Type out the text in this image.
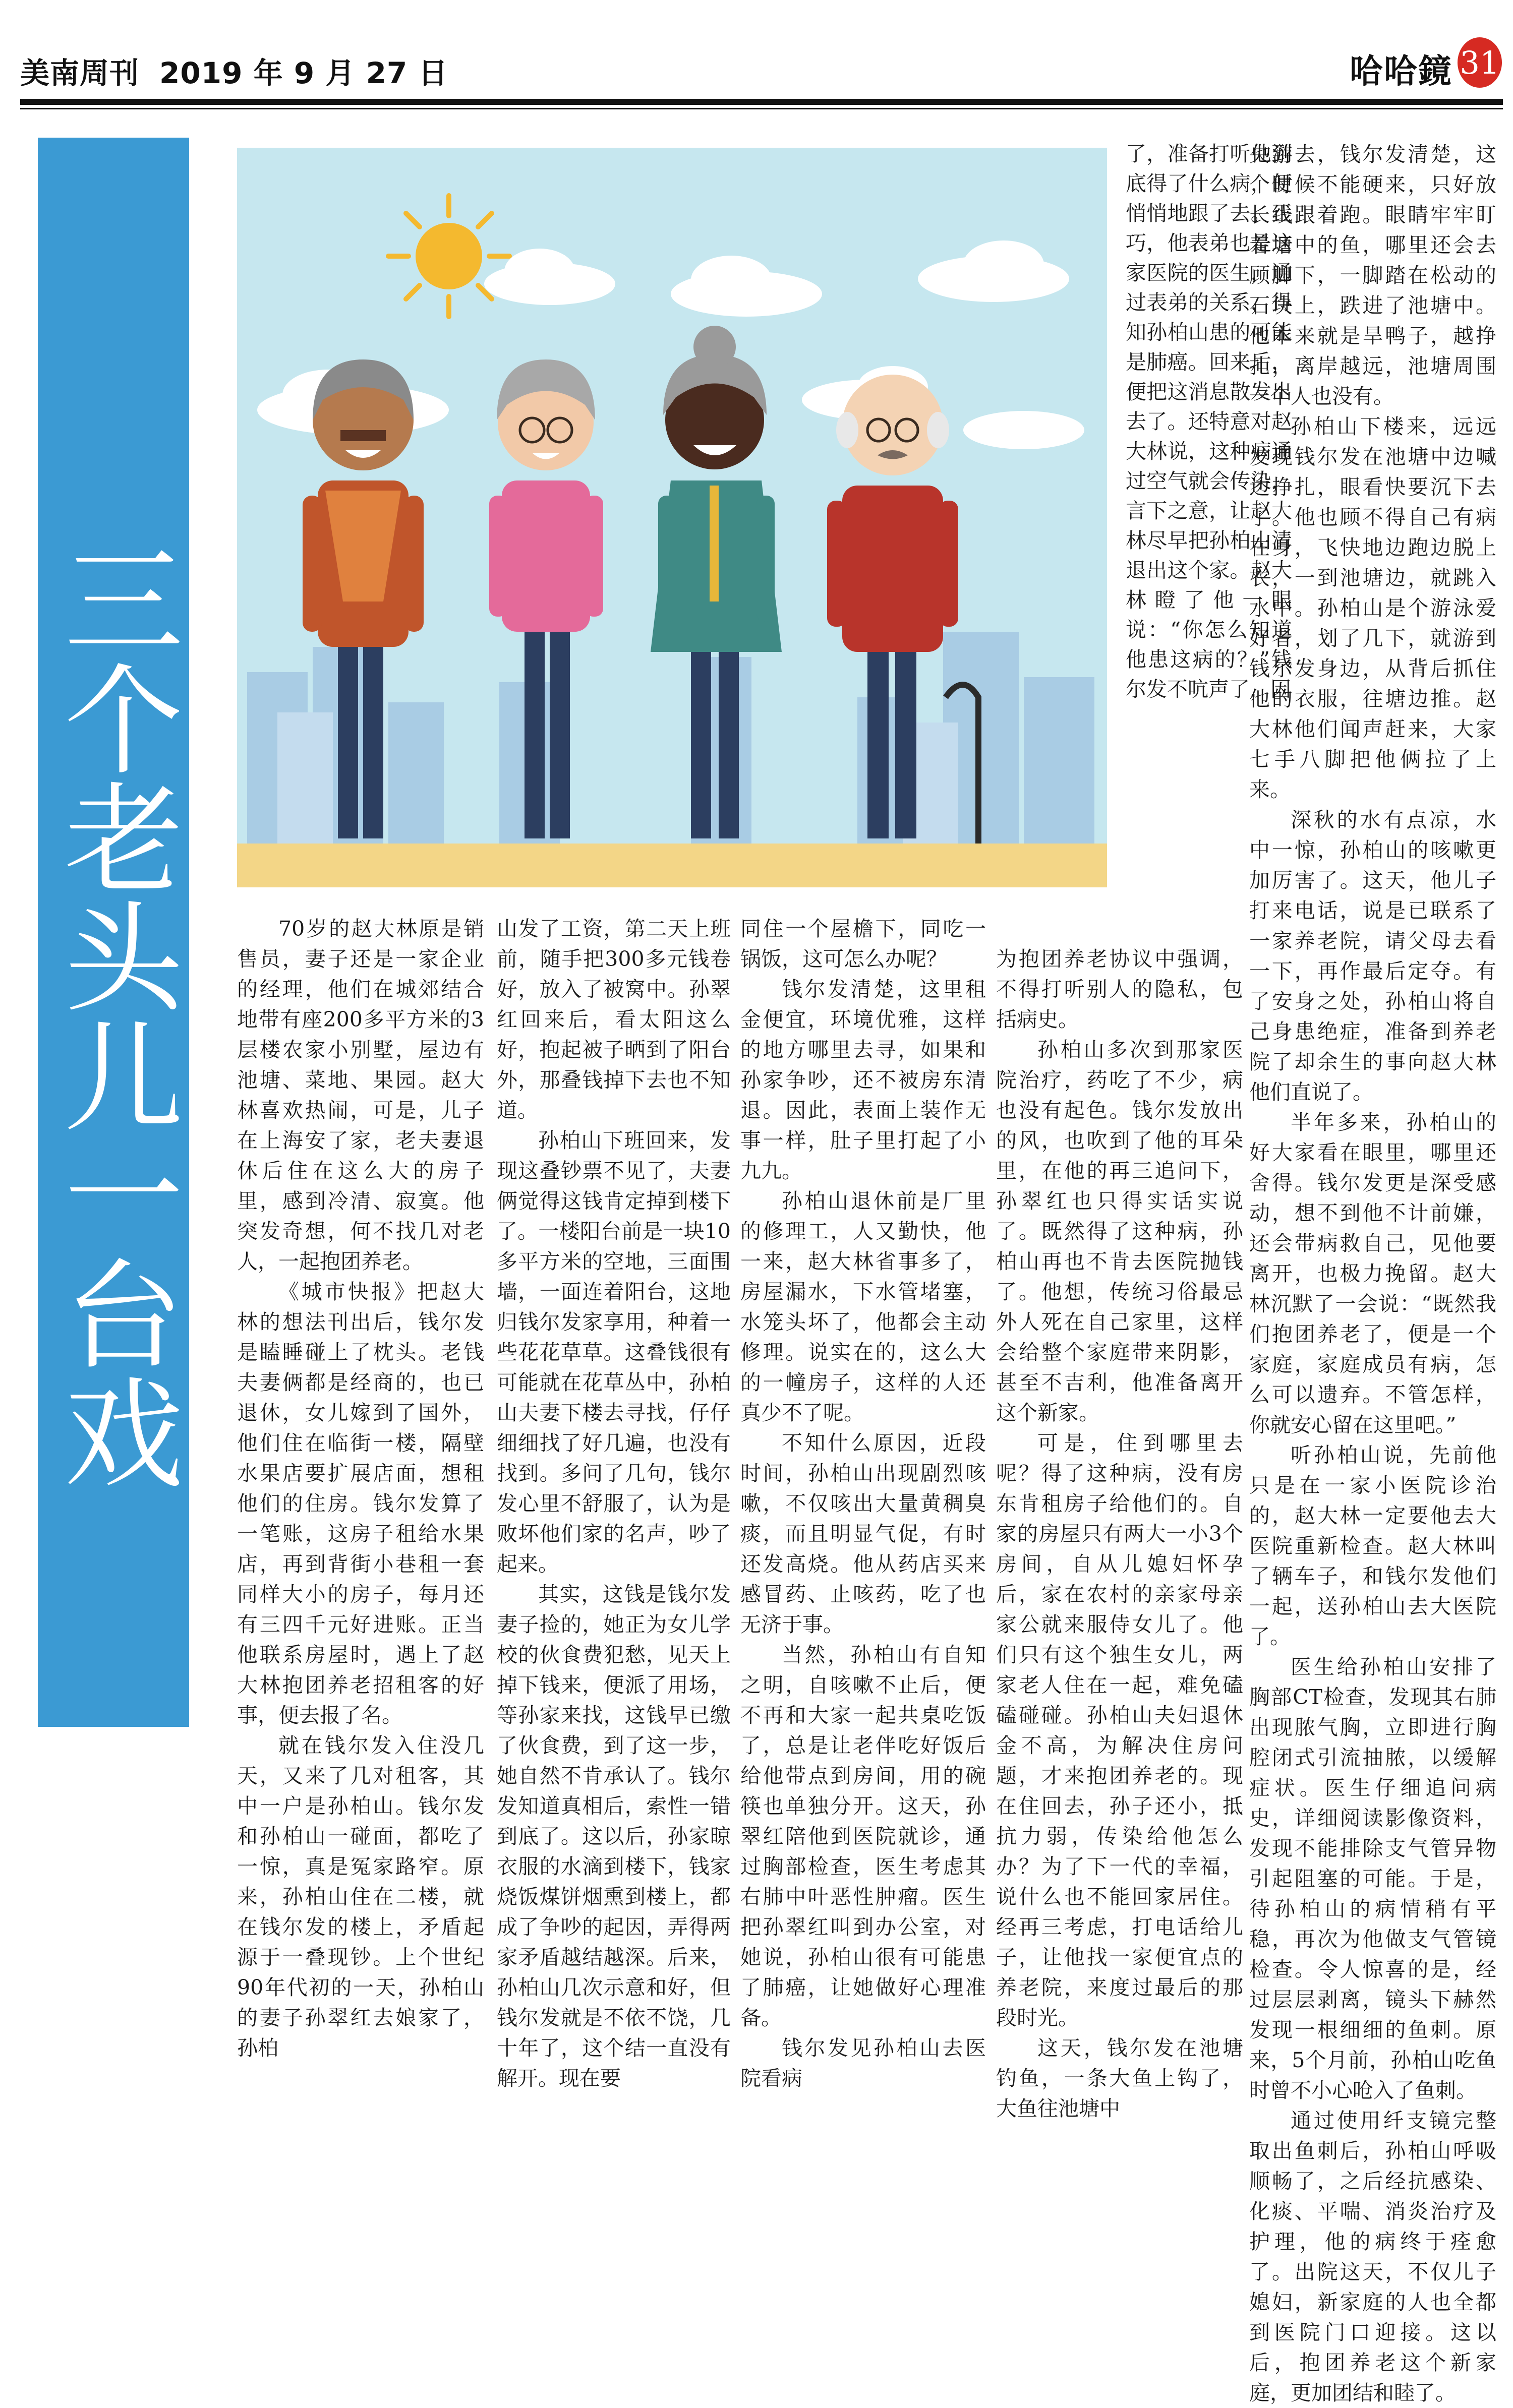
美南周刊 2019 年 9 月 27 日	哈哈鏡 31
三个老头儿一台戏

了，准备打听他到底得了什么病，便悄悄地跟了去。正巧，他表弟也是这家医院的医生，通过表弟的关系，得知孙柏山患的可能是肺癌。回来后，便把这消息散发出去了。还特意对赵大林说，这种病通过空气就会传染，言下之意，让赵大林尽早把孙柏山清退出这个家。赵大林瞪了他一眼说：“你怎么知道他患这病的？”钱尔发不吭声了，因

70岁的赵大林原是销售员，妻子还是一家企业的经理，他们在城郊结合地带有座200多平方米的3层楼农家小别墅，屋边有池塘、菜地、果园。赵大林喜欢热闹，可是，儿子在上海安了家，老夫妻退休后住在这么大的房子里，感到冷清、寂寞。他突发奇想，何不找几对老人，一起抱团养老。

《城市快报》把赵大林的想法刊出后，钱尔发是瞌睡碰上了枕头。老钱夫妻俩都是经商的，也已退休，女儿嫁到了国外，他们住在临街一楼，隔壁水果店要扩展店面，想租他们的住房。钱尔发算了一笔账，这房子租给水果店，再到背街小巷租一套同样大小的房子，每月还有三四千元好进账。正当他联系房屋时，遇上了赵大林抱团养老招租客的好事，便去报了名。

就在钱尔发入住没几天，又来了几对租客，其中一户是孙柏山。钱尔发和孙柏山一碰面，都吃了一惊，真是冤家路窄。原来，孙柏山住在二楼，就在钱尔发的楼上，矛盾起源于一叠现钞。上个世纪90年代初的一天，孙柏山的妻子孙翠红去娘家了，孙柏

山发了工资，第二天上班前，随手把300多元钱卷好，放入了被窝中。孙翠红回来后，看太阳这么好，抱起被子晒到了阳台外，那叠钱掉下去也不知道。

孙柏山下班回来，发现这叠钞票不见了，夫妻俩觉得这钱肯定掉到楼下了。一楼阳台前是一块10多平方米的空地，三面围墙，一面连着阳台，这地归钱尔发家享用，种着一些花花草草。这叠钱很有可能就在花草丛中，孙柏山夫妻下楼去寻找，仔仔细细找了好几遍，也没有找到。多问了几句，钱尔发心里不舒服了，认为是败坏他们家的名声，吵了起来。

其实，这钱是钱尔发妻子捡的，她正为女儿学校的伙食费犯愁，见天上掉下钱来，便派了用场，等孙家来找，这钱早已缴了伙食费，到了这一步，她自然不肯承认了。钱尔发知道真相后，索性一错到底了。这以后，孙家晾衣服的水滴到楼下，钱家烧饭煤饼烟熏到楼上，都成了争吵的起因，弄得两家矛盾越结越深。后来，孙柏山几次示意和好，但钱尔发就是不依不饶，几十年了，这个结一直没有解开。现在要

同住一个屋檐下，同吃一锅饭，这可怎么办呢？

钱尔发清楚，这里租金便宜，环境优雅，这样的地方哪里去寻，如果和孙家争吵，还不被房东清退。因此，表面上装作无事一样，肚子里打起了小九九。

孙柏山退休前是厂里的修理工，人又勤快，他一来，赵大林省事多了，房屋漏水，下水管堵塞，水笼头坏了，他都会主动修理。说实在的，这么大的一幢房子，这样的人还真少不了呢。

不知什么原因，近段时间，孙柏山出现剧烈咳嗽，不仅咳出大量黄稠臭痰，而且明显气促，有时还发高烧。他从药店买来感冒药、止咳药，吃了也无济于事。

当然，孙柏山有自知之明，自咳嗽不止后，便不再和大家一起共桌吃饭了，总是让老伴吃好饭后给他带点到房间，用的碗筷也单独分开。这天，孙翠红陪他到医院就诊，通过胸部检查，医生考虑其右肺中叶恶性肿瘤。医生把孙翠红叫到办公室，对她说，孙柏山很有可能患了肺癌，让她做好心理准备。

钱尔发见孙柏山去医院看病

为抱团养老协议中强调，不得打听别人的隐私，包括病史。

孙柏山多次到那家医院治疗，药吃了不少，病也没有起色。钱尔发放出的风，也吹到了他的耳朵里，在他的再三追问下，孙翠红也只得实话实说了。既然得了这种病，孙柏山再也不肯去医院抛钱了。他想，传统习俗最忌外人死在自己家里，这样会给整个家庭带来阴影，甚至不吉利，他准备离开这个新家。

可是，住到哪里去呢？得了这种病，没有房东肯租房子给他们的。自家的房屋只有两大一小3个房间，自从儿媳妇怀孕后，家在农村的亲家母亲家公就来服侍女儿了。他们只有这个独生女儿，两家老人住在一起，难免磕磕碰碰。孙柏山夫妇退休金不高，为解决住房问题，才来抱团养老的。现在住回去，孙子还小，抵抗力弱，传染给他怎么办？为了下一代的幸福，说什么也不能回家居住。经再三考虑，打电话给儿子，让他找一家便宜点的养老院，来度过最后的那段时光。

这天，钱尔发在池塘钓鱼，一条大鱼上钩了，大鱼往池塘中

央游去，钱尔发清楚，这个时候不能硬来，只好放长线跟着跑。眼睛牢牢盯着塘中的鱼，哪里还会去顾脚下，一脚踏在松动的石块上，跌进了池塘中。他本来就是旱鸭子，越挣扎，离岸越远，池塘周围一个人也没有。

孙柏山下楼来，远远发现钱尔发在池塘中边喊边挣扎，眼看快要沉下去了。他也顾不得自己有病在身，飞快地边跑边脱上衣，一到池塘边，就跳入水中。孙柏山是个游泳爱好者，划了几下，就游到钱尔发身边，从背后抓住他的衣服，往塘边推。赵大林他们闻声赶来，大家七手八脚把他俩拉了上来。

深秋的水有点凉，水中一惊，孙柏山的咳嗽更加厉害了。这天，他儿子打来电话，说是已联系了一家养老院，请父母去看一下，再作最后定夺。有了安身之处，孙柏山将自己身患绝症，准备到养老院了却余生的事向赵大林他们直说了。

半年多来，孙柏山的好大家看在眼里，哪里还舍得。钱尔发更是深受感动，想不到他不计前嫌，还会带病救自己，见他要离开，也极力挽留。赵大林沉默了一会说：“既然我们抱团养老了，便是一个家庭，家庭成员有病，怎么可以遗弃。不管怎样，你就安心留在这里吧。”

听孙柏山说，先前他只是在一家小医院诊治的，赵大林一定要他去大医院重新检查。赵大林叫了辆车子，和钱尔发他们一起，送孙柏山去大医院了。

医生给孙柏山安排了胸部CT检查，发现其右肺出现脓气胸，立即进行胸腔闭式引流抽脓，以缓解症状。医生仔细追问病史，详细阅读影像资料，发现不能排除支气管异物引起阻塞的可能。于是，待孙柏山的病情稍有平稳，再次为他做支气管镜检查。令人惊喜的是，经过层层剥离，镜头下赫然发现一根细细的鱼刺。原来，5个月前，孙柏山吃鱼时曾不小心呛入了鱼刺。

通过使用纤支镜完整取出鱼刺后，孙柏山呼吸顺畅了，之后经抗感染、化痰、平喘、消炎治疗及护理，他的病终于痊愈了。出院这天，不仅儿子媳妇，新家庭的人也全都到医院门口迎接。这以后，抱团养老这个新家庭，更加团结和睦了。
